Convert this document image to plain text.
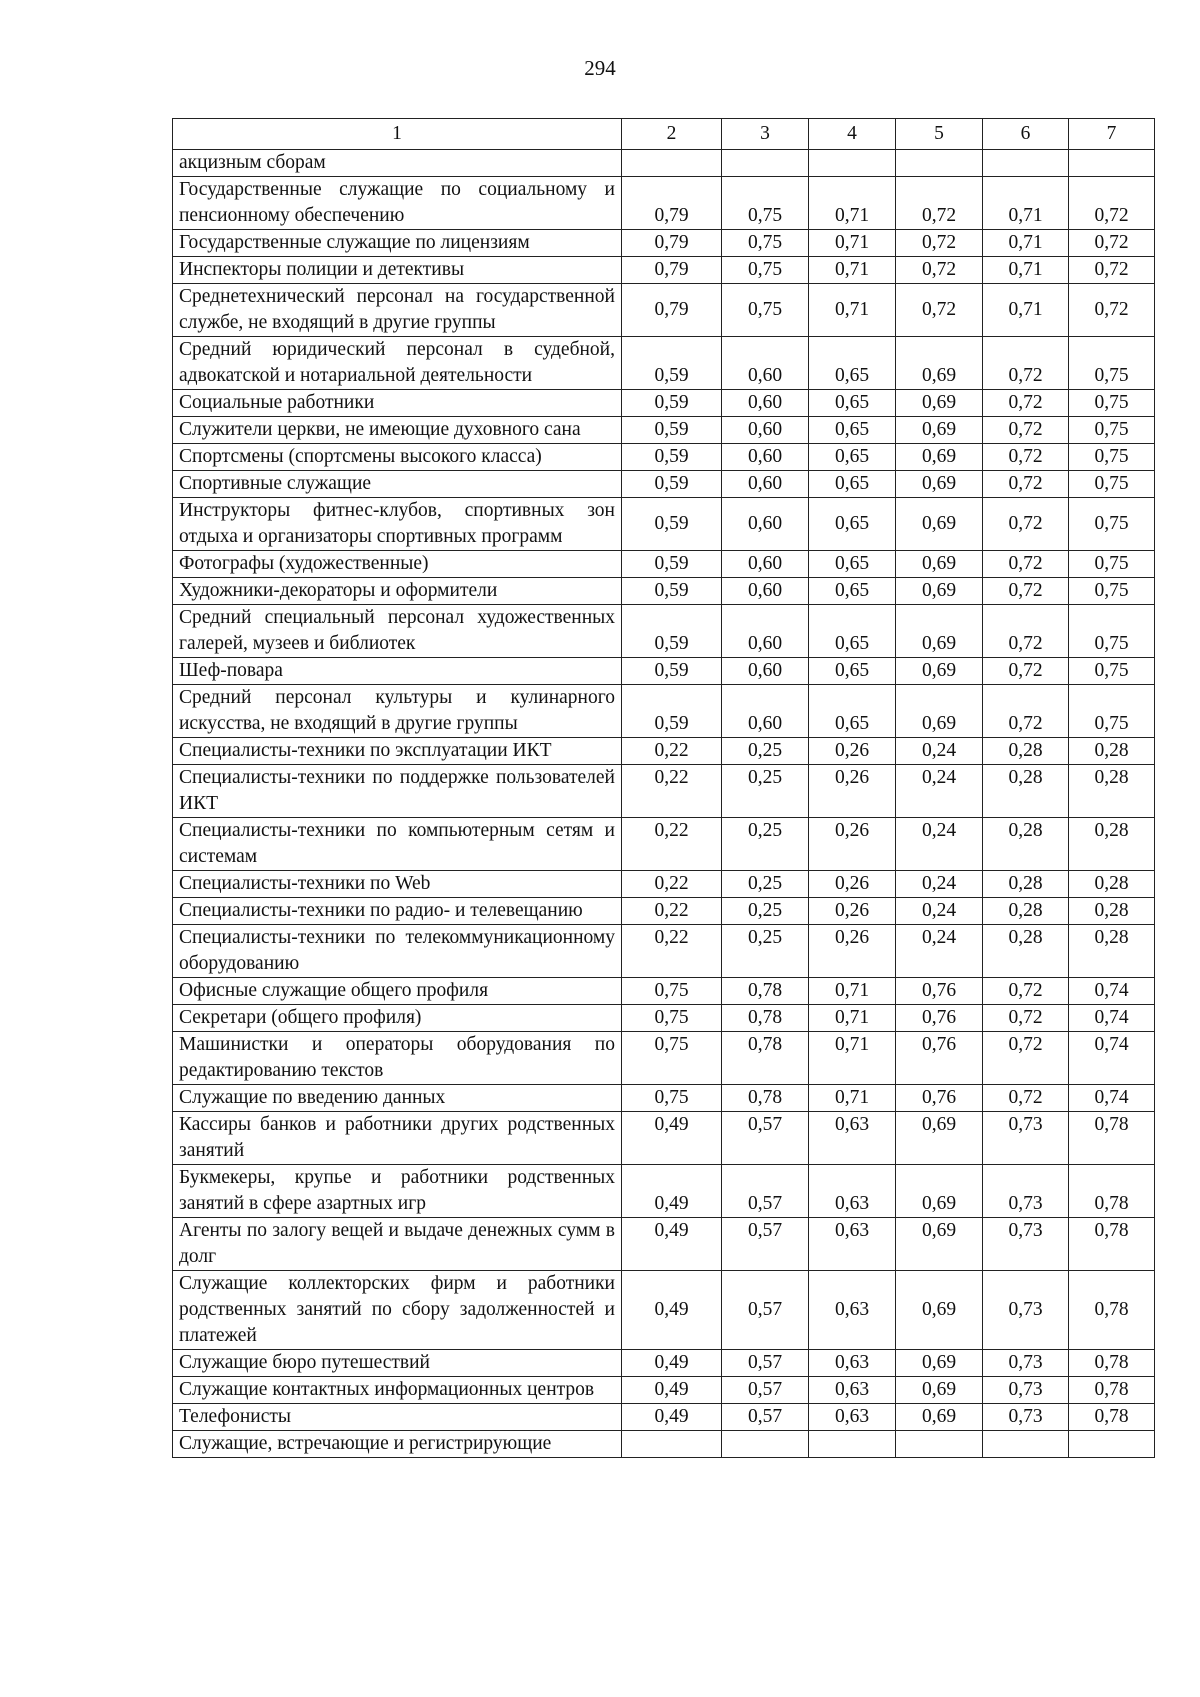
294
1	2	3	4	5	6	7
акцизным сборам						
Государственные служащие по социальному и пенсионному обеспечению	0,79	0,75	0,71	0,72	0,71	0,72
Государственные служащие по лицензиям	0,79	0,75	0,71	0,72	0,71	0,72
Инспекторы полиции и детективы	0,79	0,75	0,71	0,72	0,71	0,72
Среднетехнический персонал на государственной службе, не входящий в другие группы	0,79	0,75	0,71	0,72	0,71	0,72
Средний юридический персонал в судебной, адвокатской и нотариальной деятельности	0,59	0,60	0,65	0,69	0,72	0,75
Социальные работники	0,59	0,60	0,65	0,69	0,72	0,75
Служители церкви, не имеющие духовного сана	0,59	0,60	0,65	0,69	0,72	0,75
Спортсмены (спортсмены высокого класса)	0,59	0,60	0,65	0,69	0,72	0,75
Спортивные служащие	0,59	0,60	0,65	0,69	0,72	0,75
Инструкторы фитнес-клубов, спортивных зон отдыха и организаторы спортивных программ	0,59	0,60	0,65	0,69	0,72	0,75
Фотографы (художественные)	0,59	0,60	0,65	0,69	0,72	0,75
Художники-декораторы и оформители	0,59	0,60	0,65	0,69	0,72	0,75
Средний специальный персонал художественных галерей, музеев и библиотек	0,59	0,60	0,65	0,69	0,72	0,75
Шеф-повара	0,59	0,60	0,65	0,69	0,72	0,75
Средний персонал культуры и кулинарного искусства, не входящий в другие группы	0,59	0,60	0,65	0,69	0,72	0,75
Специалисты-техники по эксплуатации ИКТ	0,22	0,25	0,26	0,24	0,28	0,28
Специалисты-техники по поддержке пользователей ИКТ	0,22	0,25	0,26	0,24	0,28	0,28
Специалисты-техники по компьютерным сетям и системам	0,22	0,25	0,26	0,24	0,28	0,28
Специалисты-техники по Web	0,22	0,25	0,26	0,24	0,28	0,28
Специалисты-техники по радио- и телевещанию	0,22	0,25	0,26	0,24	0,28	0,28
Специалисты-техники по телекоммуникационному оборудованию	0,22	0,25	0,26	0,24	0,28	0,28
Офисные служащие общего профиля	0,75	0,78	0,71	0,76	0,72	0,74
Секретари (общего профиля)	0,75	0,78	0,71	0,76	0,72	0,74
Машинистки и операторы оборудования по редактированию текстов	0,75	0,78	0,71	0,76	0,72	0,74
Служащие по введению данных	0,75	0,78	0,71	0,76	0,72	0,74
Кассиры банков и работники других родственных занятий	0,49	0,57	0,63	0,69	0,73	0,78
Букмекеры, крупье и работники родственных занятий в сфере азартных игр	0,49	0,57	0,63	0,69	0,73	0,78
Агенты по залогу вещей и выдаче денежных сумм в долг	0,49	0,57	0,63	0,69	0,73	0,78
Служащие коллекторских фирм и работники родственных занятий по сбору задолженностей и платежей	0,49	0,57	0,63	0,69	0,73	0,78
Служащие бюро путешествий	0,49	0,57	0,63	0,69	0,73	0,78
Служащие контактных информационных центров	0,49	0,57	0,63	0,69	0,73	0,78
Телефонисты	0,49	0,57	0,63	0,69	0,73	0,78
Служащие, встречающие и регистрирующие						
